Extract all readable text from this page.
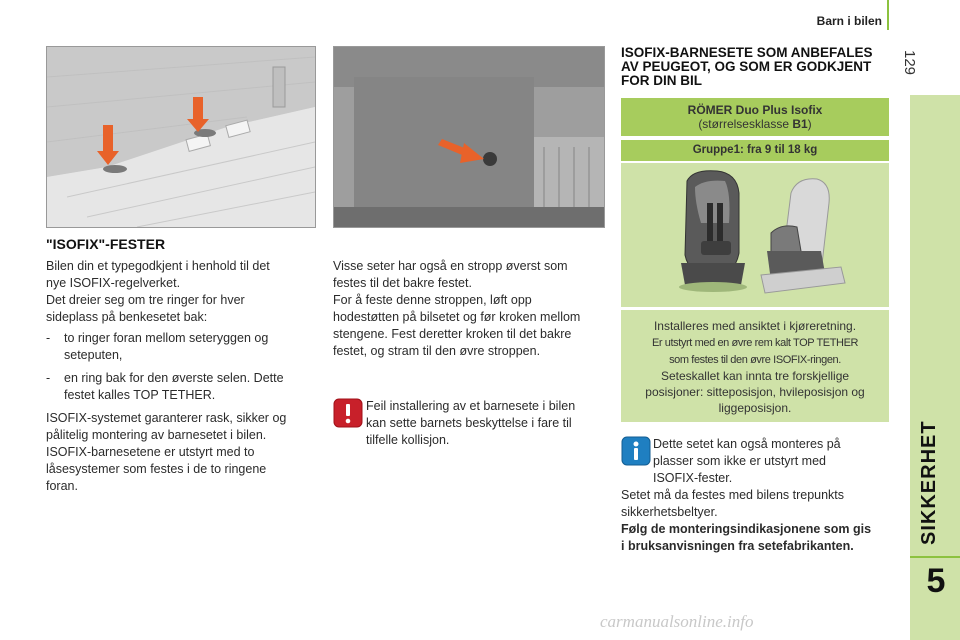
Barn i bilen
129
SIKKERHET
5
"ISOFIX"-FESTER

Bilen din et typegodkjent i henhold til det
nye ISOFIX-regelverket.
Det dreier seg om tre ringer for hver
sideplass på benkesetet bak:

- to ringer foran mellom seteryggen og
seteputen,
- en ring bak for den øverste selen. Dette
festet kalles TOP TETHER.

ISOFIX-systemet garanterer rask, sikker og
pålitelig montering av barnesetet i bilen.
ISOFIX-barnesetene er utstyrt med to
låsesystemer som festes i de to ringene
foran.

Visse seter har også en stropp øverst som
festes til det bakre festet.
For å feste denne stroppen, løft opp
hodestøtten på bilsetet og før kroken mellom
stengene. Fest deretter kroken til det bakre
festet, og stram til den øvre stroppen.
Feil installering av et barnesete i bilen
kan sette barnets beskyttelse i fare til
tilfelle kollisjon.
ISOFIX-BARNESETE SOM ANBEFALES
AV PEUGEOT, OG SOM ER GODKJENT
FOR DIN BIL
RÖMER Duo Plus Isofix
(størrelsesklasse B1)
Gruppe1: fra 9 til 18 kg
Installeres med ansiktet i kjøreretning.
Er utstyrt med en øvre rem kalt TOP TETHER
som festes til den øvre ISOFIX-ringen.
Seteskallet kan innta tre forskjellige
posisjoner: sitteposisjon, hvileposisjon og
liggeposisjon.
Dette setet kan også monteres på
plasser som ikke er utstyrt med
ISOFIX-fester.
Setet må da festes med bilens trepunkts
sikkerhetsbeltyer.
Følg de monteringsindikasjonene som gis
i bruksanvisningen fra setefabrikanten.
carmanualsonline.info
